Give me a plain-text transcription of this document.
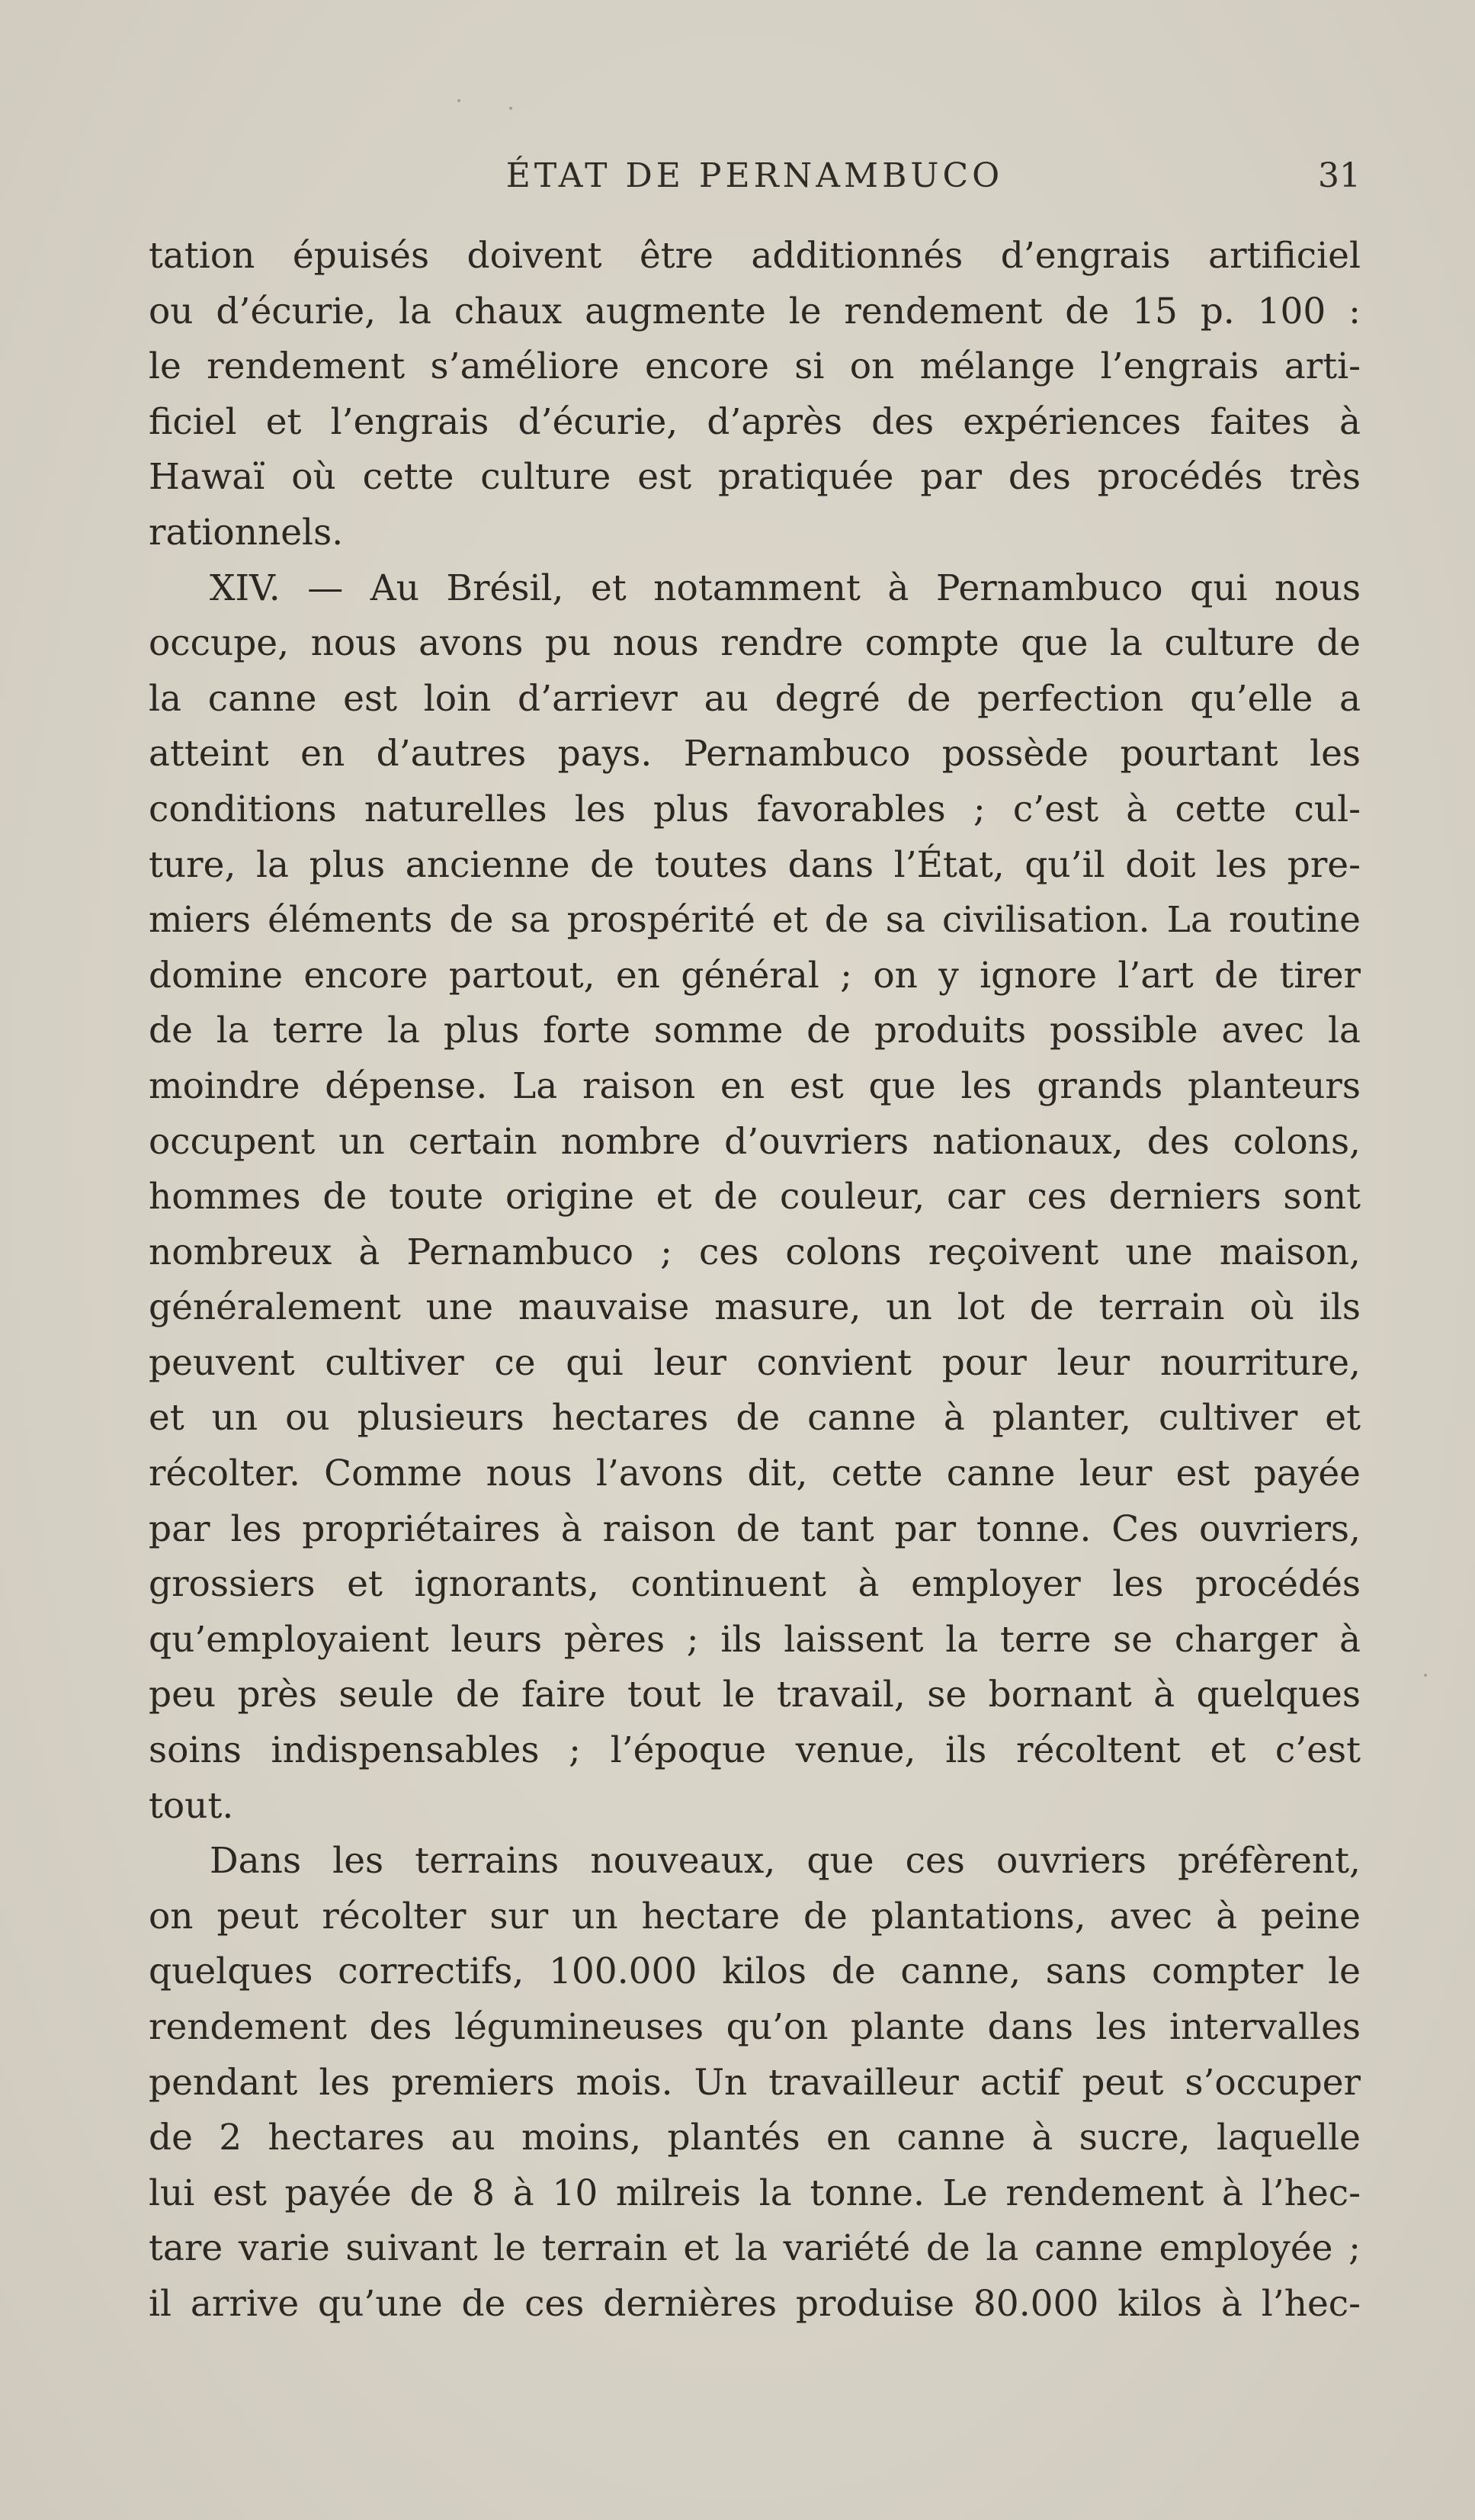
ÉTAT DE PERNAMBUCO	31
tation épuisés doivent être additionnés d’engrais artificiel
ou d’écurie, la chaux augmente le rendement de 15 p. 100 :
le rendement s’améliore encore si on mélange l’engrais arti-
ficiel et l’engrais d’écurie, d’après des expériences faites à
Hawaï où cette culture est pratiquée par des procédés très
rationnels.
XIV. — Au Brésil, et notamment à Pernambuco qui nous
occupe, nous avons pu nous rendre compte que la culture de
la canne est loin d’arrievr au degré de perfection qu’elle a
atteint en d’autres pays. Pernambuco possède pourtant les
conditions naturelles les plus favorables ; c’est à cette cul-
ture, la plus ancienne de toutes dans l’État, qu’il doit les pre-
miers éléments de sa prospérité et de sa civilisation. La routine
domine encore partout, en général ; on y ignore l’art de tirer
de la terre la plus forte somme de produits possible avec la
moindre dépense. La raison en est que les grands planteurs
occupent un certain nombre d’ouvriers nationaux, des colons,
hommes de toute origine et de couleur, car ces derniers sont
nombreux à Pernambuco ; ces colons reçoivent une maison,
généralement une mauvaise masure, un lot de terrain où ils
peuvent cultiver ce qui leur convient pour leur nourriture,
et un ou plusieurs hectares de canne à planter, cultiver et
récolter. Comme nous l’avons dit, cette canne leur est payée
par les propriétaires à raison de tant par tonne. Ces ouvriers,
grossiers et ignorants, continuent à employer les procédés
qu’employaient leurs pères ; ils laissent la terre se charger à
peu près seule de faire tout le travail, se bornant à quelques
soins indispensables ; l’époque venue, ils récoltent et c’est
tout.
Dans les terrains nouveaux, que ces ouvriers préfèrent,
on peut récolter sur un hectare de plantations, avec à peine
quelques correctifs, 100.000 kilos de canne, sans compter le
rendement des légumineuses qu’on plante dans les intervalles
pendant les premiers mois. Un travailleur actif peut s’occuper
de 2 hectares au moins, plantés en canne à sucre, laquelle
lui est payée de 8 à 10 milreis la tonne. Le rendement à l’hec-
tare varie suivant le terrain et la variété de la canne employée ;
il arrive qu’une de ces dernières produise 80.000 kilos à l’hec-
